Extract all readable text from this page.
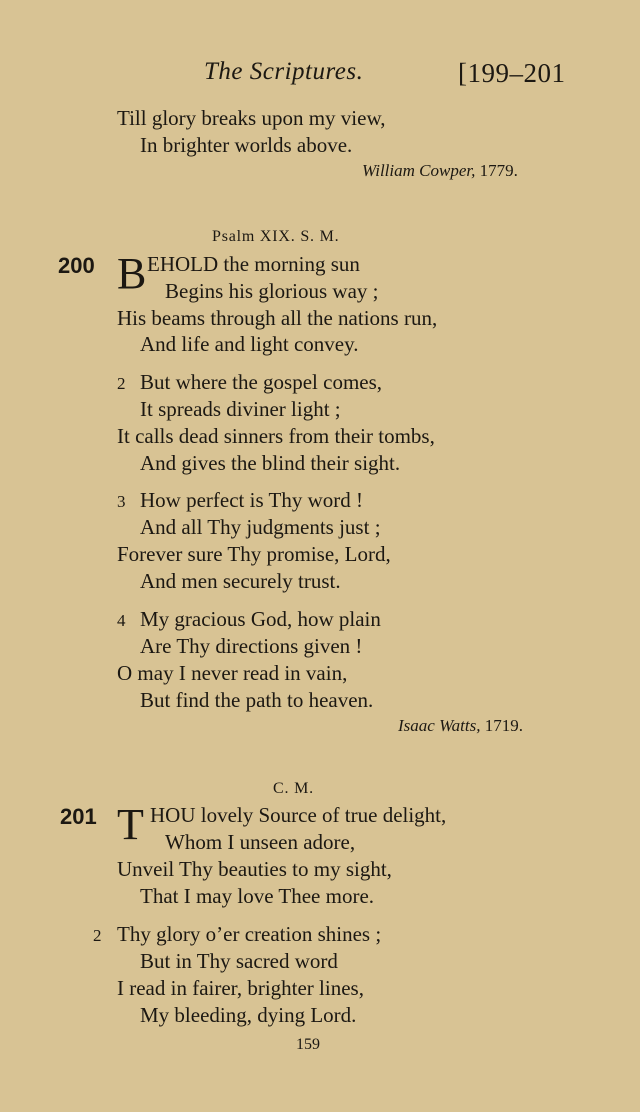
The Scriptures.	[199–201
Till glory breaks upon my view,
In brighter worlds above.
William Cowper, 1779.
Psalm XIX. S. M.
200 B EHOLD the morning sun
Begins his glorious way ;
His beams through all the nations run,
And life and light convey.
2 But where the gospel comes,
It spreads diviner light ;
It calls dead sinners from their tombs,
And gives the blind their sight.
3 How perfect is Thy word !
And all Thy judgments just ;
Forever sure Thy promise, Lord,
And men securely trust.
4 My gracious God, how plain
Are Thy directions given !
O may I never read in vain,
But find the path to heaven.
Isaac Watts, 1719.
C. M.
201 T HOU lovely Source of true delight,
Whom I unseen adore,
Unveil Thy beauties to my sight,
That I may love Thee more.
2 Thy glory o’er creation shines ;
But in Thy sacred word
I read in fairer, brighter lines,
My bleeding, dying Lord.
159
